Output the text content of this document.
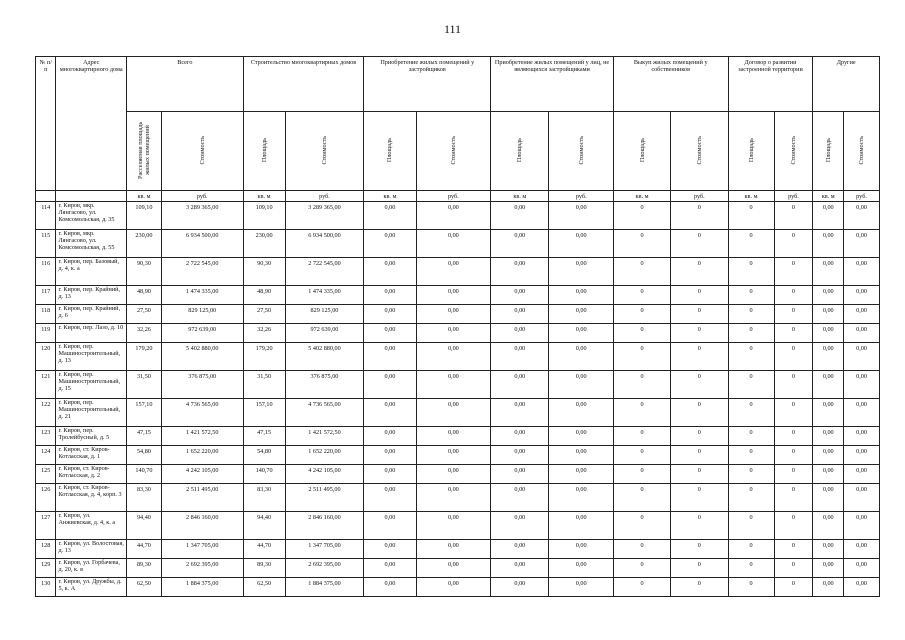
111
№ п/п	Адрес многоквартирного дома	Всего		Строительство многоквартирных домов		Приобретение жилых помещений у застройщиков		Приобретение жилых помещений у лиц, не являющихся застройщиками		Выкуп жилых помещений у собственников		Договор о развитии застроенной территории		Другие	
		Расселяемая площадь жилых помещений	Стоимость	Площадь	Стоимость	Площадь	Стоимость	Площадь	Стоимость	Площадь	Стоимость	Площадь	Стоимость	Площадь	Стоимость
		кв. м	руб.	кв. м	руб.	кв. м	руб.	кв. м	руб.	кв. м	руб.	кв. м	руб.	кв. м	руб.
114	г. Киров, мкр. Лянгасово, ул. Комсомольская, д. 35	109,10	3 289 365,00	109,10	3 289 365,00	0,00	0,00	0,00	0,00	0	0	0	0	0,00	0,00
115	г. Киров, мкр. Лянгасово, ул. Комсомольская, д. 55	230,00	6 934 500,00	230,00	6 934 500,00	0,00	0,00	0,00	0,00	0	0	0	0	0,00	0,00
116	г. Киров, пер. Базовый, д. 4, к. а	90,30	2 722 545,00	90,30	2 722 545,00	0,00	0,00	0,00	0,00	0	0	0	0	0,00	0,00
117	г. Киров, пер. Крайний, д. 13	48,90	1 474 335,00	48,90	1 474 335,00	0,00	0,00	0,00	0,00	0	0	0	0	0,00	0,00
118	г. Киров, пер. Крайний, д. 6	27,50	829 125,00	27,50	829 125,00	0,00	0,00	0,00	0,00	0	0	0	0	0,00	0,00
119	г. Киров, пер. Лазо, д. 10	32,26	972 639,00	32,26	972 639,00	0,00	0,00	0,00	0,00	0	0	0	0	0,00	0,00
120	г. Киров, пер. Машиностроительный, д. 13	179,20	5 402 880,00	179,20	5 402 880,00	0,00	0,00	0,00	0,00	0	0	0	0	0,00	0,00
121	г. Киров, пер. Машиностроительный, д. 15	31,50	376 875,00	31,50	376 875,00	0,00	0,00	0,00	0,00	0	0	0	0	0,00	0,00
122	г. Киров, пер. Машиностроительный, д. 21	157,10	4 736 565,00	157,10	4 736 565,00	0,00	0,00	0,00	0,00	0	0	0	0	0,00	0,00
123	г. Киров, пер. Тролейбусный, д. 5	47,15	1 421 572,50	47,15	1 421 572,50	0,00	0,00	0,00	0,00	0	0	0	0	0,00	0,00
124	г. Киров, ст. Киров-Котласская, д. 1	54,80	1 652 220,00	54,80	1 652 220,00	0,00	0,00	0,00	0,00	0	0	0	0	0,00	0,00
125	г. Киров, ст. Киров-Котласская, д. 2	140,70	4 242 105,00	140,70	4 242 105,00	0,00	0,00	0,00	0,00	0	0	0	0	0,00	0,00
126	г. Киров, ст. Киров-Котласская, д. 4, корп. 3	83,30	2 511 495,00	83,30	2 511 495,00	0,00	0,00	0,00	0,00	0	0	0	0	0,00	0,00
127	г. Киров, ул. Анжиевская, д. 4, к. а	94,40	2 846 160,00	94,40	2 846 160,00	0,00	0,00	0,00	0,00	0	0	0	0	0,00	0,00
128	г. Киров, ул. Волостовая, д. 13	44,70	1 347 705,00	44,70	1 347 705,00	0,00	0,00	0,00	0,00	0	0	0	0	0,00	0,00
129	г. Киров, ул. Горбачева, д. 20, к. в	89,30	2 692 395,00	89,30	2 692 395,00	0,00	0,00	0,00	0,00	0	0	0	0	0,00	0,00
130	г. Киров, ул. Дружбы, д. 5, к. А	62,50	1 884 375,00	62,50	1 884 375,00	0,00	0,00	0,00	0,00	0	0	0	0	0,00	0,00
